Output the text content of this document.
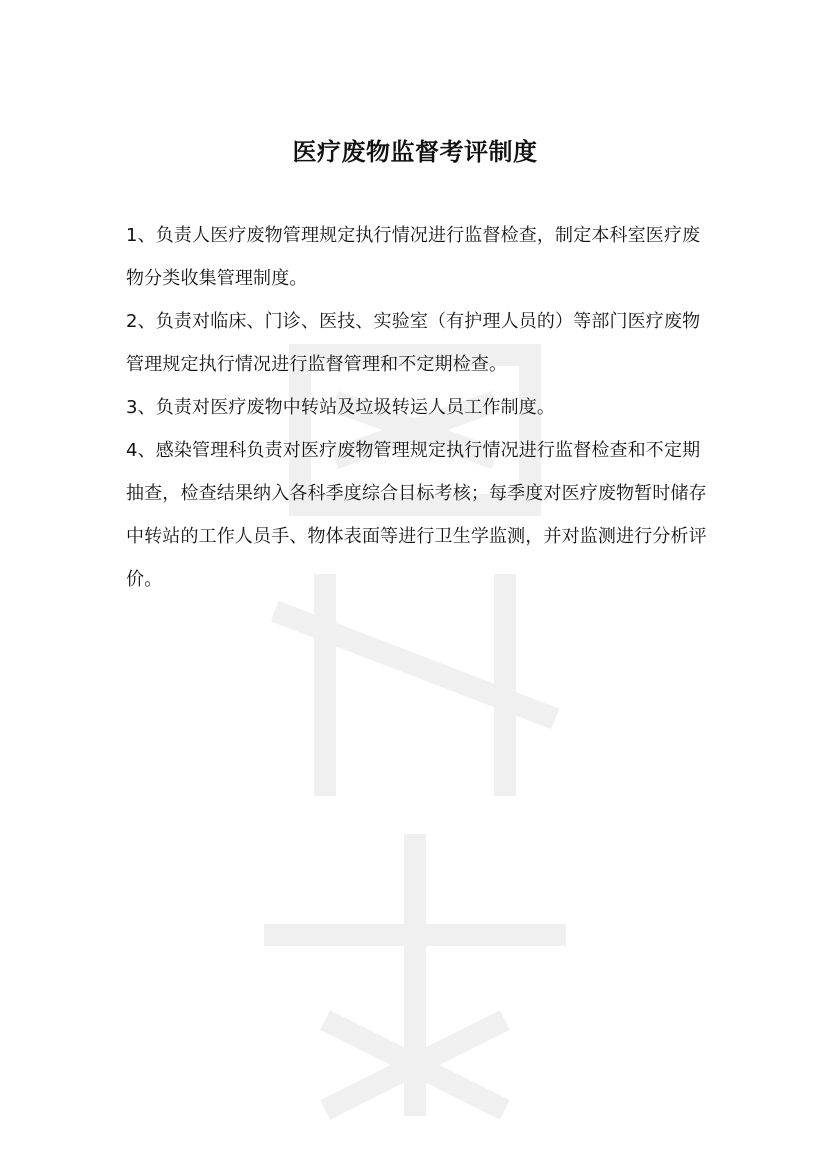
医疗废物监督考评制度

1、负责人医疗废物管理规定执行情况进行监督检查，制定本科室医疗废物分类收集管理制度。

2、负责对临床、门诊、医技、实验室（有护理人员的）等部门医疗废物管理规定执行情况进行监督管理和不定期检查。

3、负责对医疗废物中转站及垃圾转运人员工作制度。

4、感染管理科负责对医疗废物管理规定执行情况进行监督检查和不定期抽查，检查结果纳入各科季度综合目标考核；每季度对医疗废物暂时储存中转站的工作人员手、物体表面等进行卫生学监测，并对监测进行分析评价。
